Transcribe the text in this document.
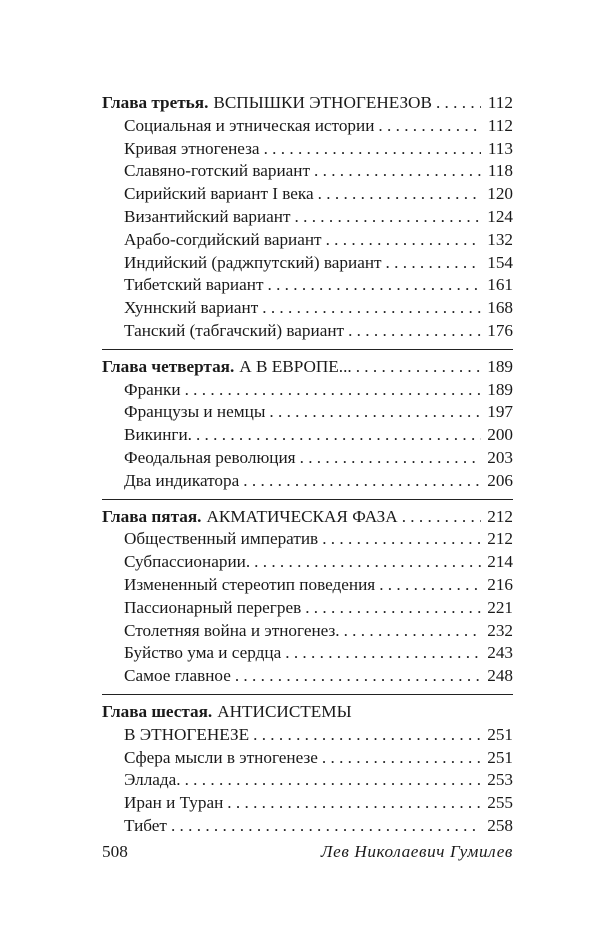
Глава третья. ВСПЫШКИ ЭТНОГЕНЕЗОВ . . .	112
Социальная и этническая истории . . .	112
Кривая этногенеза . . .	113
Славяно-готский вариант . . .	118
Сирийский вариант I века . . .	120
Византийский вариант . . .	124
Арабо-согдийский вариант . . .	132
Индийский (раджпутский) вариант . . .	154
Тибетский вариант . . .	161
Хуннский вариант . . .	168
Танский (табгачский) вариант . . .	176
Глава четвертая. А В ЕВРОПЕ... . . .	189
Франки . . .	189
Французы и немцы . . .	197
Викинги. . . .	200
Феодальная революция . . .	203
Два индикатора . . .	206
Глава пятая. АКМАТИЧЕСКАЯ ФАЗА . . .	212
Общественный императив . . .	212
Субпассионарии. . . .	214
Измененный стереотип поведения . . .	216
Пассионарный перегрев . . .	221
Столетняя война и этногенез. . . .	232
Буйство ума и сердца . . .	243
Самое главное . . .	248
Глава шестая. АНТИСИСТЕМЫ
В ЭТНОГЕНЕЗЕ . . .	251
Сфера мысли в этногенезе . . .	251
Эллада. . . .	253
Иран и Туран . . .	255
Тибет . . .	258
508	Лев Николаевич Гумилев
